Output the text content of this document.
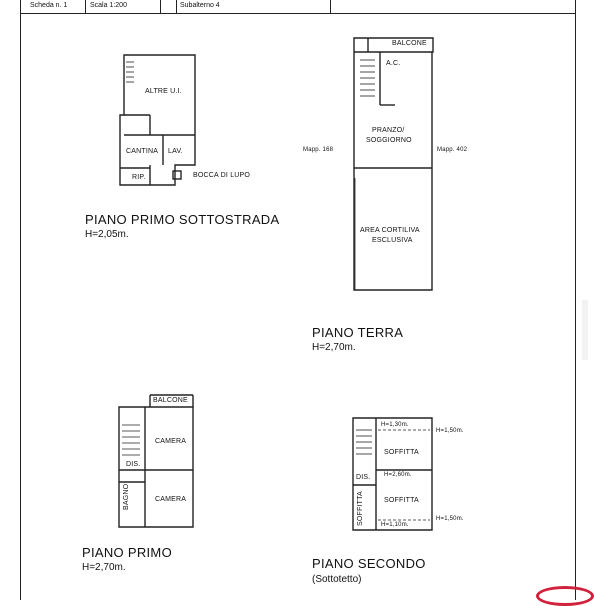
Scheda n. 1	Scala 1:200	Subalterno 4
ALTRE U.I.
CANTINA LAV.
RIP.	BOCCA DI LUPO
PIANO PRIMO SOTTOSTRADA
H=2,05m.
BALCONE
A.C.
PRANZO/
SOGGIORNO
Mapp. 168	Mapp. 402
AREA CORTILIVA
ESCLUSIVA
PIANO TERRA
H=2,70m.
BALCONE
CAMERA
CAMERA
DIS.
BAGNO
PIANO PRIMO
H=2,70m.
H=1,30m.
H=1,50m.
SOFFITTA
H=2,60m.
DIS.
SOFFITTA
SOFFITTA	H=1,10m.
H=1,50m.
PIANO SECONDO
(Sottotetto)
